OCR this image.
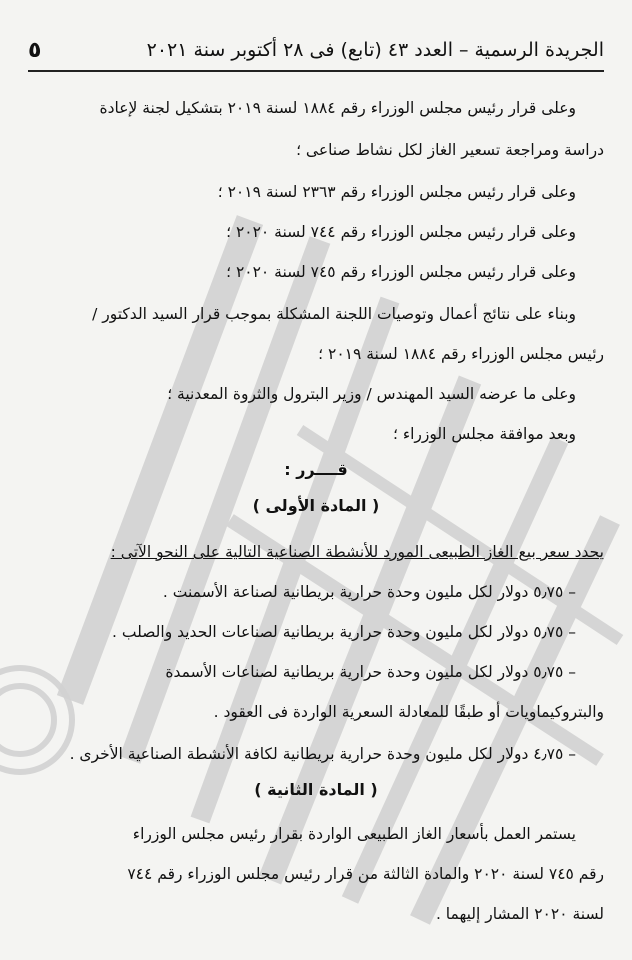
الجريدة الرسمية – العدد ٤٣ (تابع) فى ٢٨ أكتوبر سنة ٢٠٢١
٥
وعلى قرار رئيس مجلس الوزراء رقم ١٨٨٤ لسنة ٢٠١٩ بتشكيل لجنة لإعادة
دراسة ومراجعة تسعير الغاز لكل نشاط صناعى ؛
وعلى قرار رئيس مجلس الوزراء رقم ٢٣٦٣ لسنة ٢٠١٩ ؛
وعلى قرار رئيس مجلس الوزراء رقم ٧٤٤ لسنة ٢٠٢٠ ؛
وعلى قرار رئيس مجلس الوزراء رقم ٧٤٥ لسنة ٢٠٢٠ ؛
وبناء على نتائج أعمال وتوصيات اللجنة المشكلة بموجب قرار السيد الدكتور /
رئيس مجلس الوزراء رقم ١٨٨٤ لسنة ٢٠١٩ ؛
وعلى ما عرضه السيد المهندس / وزير البترول والثروة المعدنية ؛
وبعد موافقة مجلس الوزراء ؛
قــــرر :
( المادة الأولى )
يحدد سعر بيع الغاز الطبيعى المورد للأنشطة الصناعية التالية على النحو الآتى :
– ٥٫٧٥ دولار لكل مليون وحدة حرارية بريطانية لصناعة الأسمنت .
– ٥٫٧٥ دولار لكل مليون وحدة حرارية بريطانية لصناعات الحديد والصلب .
– ٥٫٧٥ دولار لكل مليون وحدة حرارية بريطانية لصناعات الأسمدة
والبتروكيماويات أو طبقًا للمعادلة السعرية الواردة فى العقود .
– ٤٫٧٥ دولار لكل مليون وحدة حرارية بريطانية لكافة الأنشطة الصناعية الأخرى .
( المادة الثانية )
يستمر العمل بأسعار الغاز الطبيعى الواردة بقرار رئيس مجلس الوزراء
رقم ٧٤٥ لسنة ٢٠٢٠ والمادة الثالثة من قرار رئيس مجلس الوزراء رقم ٧٤٤
لسنة ٢٠٢٠ المشار إليهما .
